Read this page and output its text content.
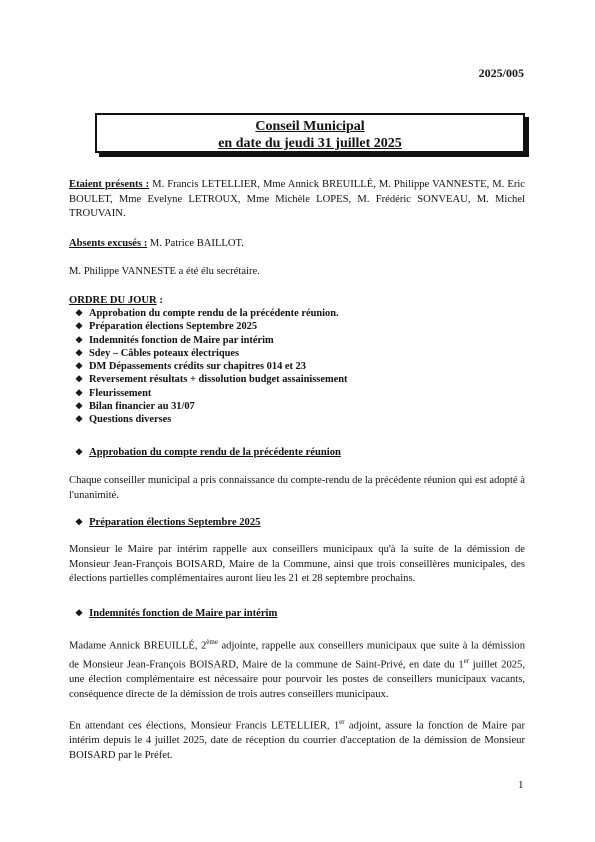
2025/005
Conseil Municipal
en date du jeudi 31 juillet 2025
Etaient présents : M. Francis LETELLIER, Mme Annick BREUILLÉ, M. Philippe VANNESTE, M. Eric BOULET, Mme Evelyne LETROUX, Mme Michèle LOPES, M. Frédéric SONVEAU, M. Michel TROUVAIN.
Absents excusés : M. Patrice BAILLOT.
M. Philippe VANNESTE a été élu secrétaire.
ORDRE DU JOUR :
❖ Approbation du compte rendu de la précédente réunion.
❖ Préparation élections Septembre 2025
❖ Indemnités fonction de Maire par intérim
❖ Sdey – Câbles poteaux électriques
❖ DM Dépassements crédits sur chapitres 014 et 23
❖ Reversement résultats + dissolution budget assainissement
❖ Fleurissement
❖ Bilan financier au 31/07
❖ Questions diverses
❖ Approbation du compte rendu de la précédente réunion
Chaque conseiller municipal a pris connaissance du compte-rendu de la précédente réunion qui est adopté à l'unanimité.
❖ Préparation élections Septembre 2025
Monsieur le Maire par intérim rappelle aux conseillers municipaux qu'à la suite de la démission de Monsieur Jean-François BOISARD, Maire de la Commune, ainsi que trois conseillères municipales, des élections partielles complémentaires auront lieu les 21 et 28 septembre prochains.
❖ Indemnités fonction de Maire par intérim
Madame Annick BREUILLÉ, 2ème adjointe, rappelle aux conseillers municipaux que suite à la démission de Monsieur Jean-François BOISARD, Maire de la commune de Saint-Privé, en date du 1er juillet 2025, une élection complémentaire est nécessaire pour pourvoir les postes de conseillers municipaux vacants, conséquence directe de la démission de trois autres conseillers municipaux.
En attendant ces élections, Monsieur Francis LETELLIER, 1er adjoint, assure la fonction de Maire par intérim depuis le 4 juillet 2025, date de réception du courrier d'acceptation de la démission de Monsieur BOISARD par le Préfet.
1
